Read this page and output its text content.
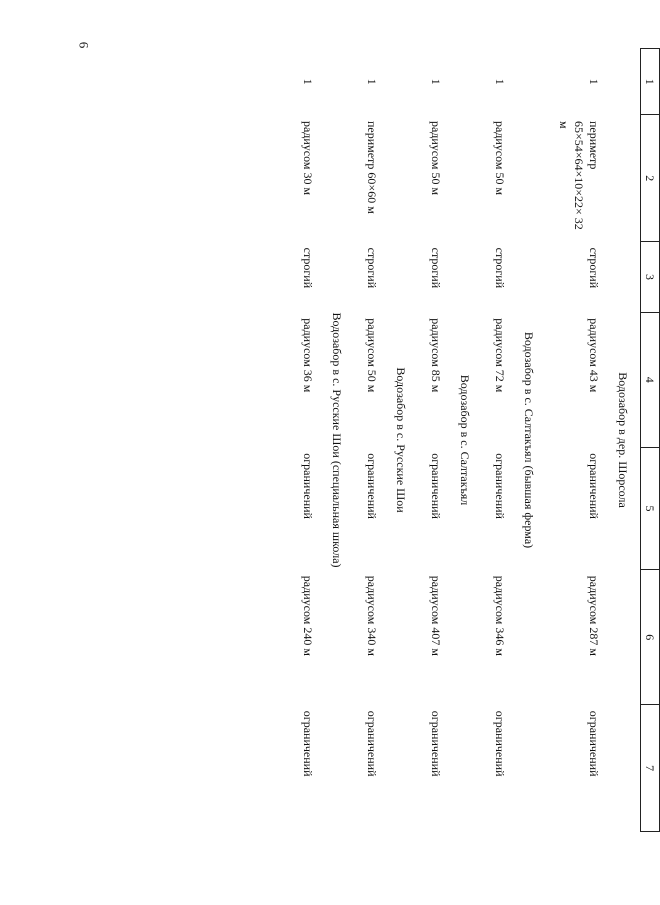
6
1	2	3	4	5	6	7
Водозабор в дер. Шорсола						
1	периметр 65×54×64×10×22× 32 м	строгий	радиусом 43 м	ограничений	радиусом 287 м	ограничений
Водозабор в с. Салтакъял (бывшая ферма)						
1	радиусом 50 м	строгий	радиусом 72 м	ограничений	радиусом 346 м	ограничений
Водозабор в с. Салтакъял						
1	радиусом 50 м	строгий	радиусом 85 м	ограничений	радиусом 407 м	ограничений
Водозабор в с. Русские Шои						
1	периметр 60×60 м	строгий	радиусом 50 м	ограничений	радиусом 340 м	ограничений
Водозабор в с. Русские Шои (специальная школа)						
1	радиусом 30 м	строгий	радиусом 36 м	ограничений	радиусом 240 м	ограничений
